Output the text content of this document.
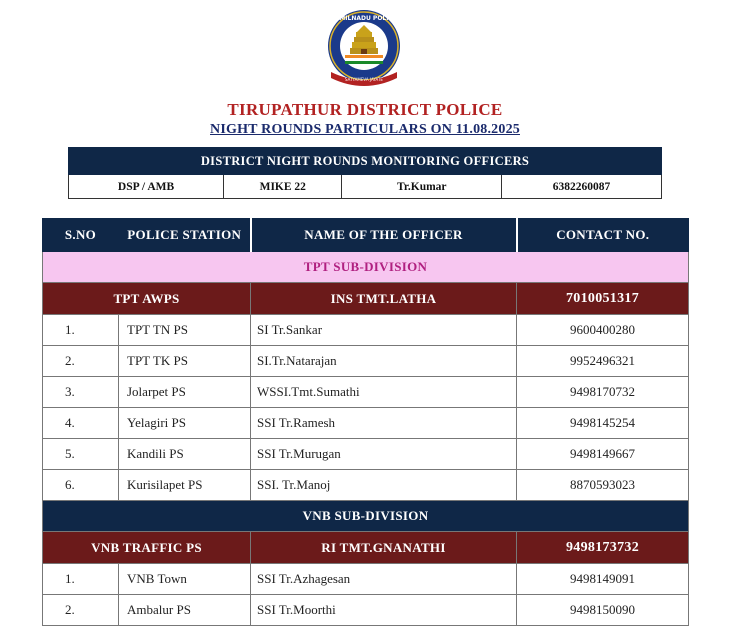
TAMILNADU POLICE
SATYAMEVA JAYATE
TIRUPATHUR DISTRICT POLICE
NIGHT ROUNDS PARTICULARS ON 11.08.2025
DISTRICT NIGHT ROUNDS MONITORING OFFICERS
DSP / AMB	MIKE 22	Tr.Kumar	6382260087
S.NO	POLICE STATION	NAME OF THE OFFICER	CONTACT NO.
TPT SUB-DIVISION			
TPT AWPS		INS TMT.LATHA	7010051317
1.	TPT TN PS	SI Tr.Sankar	9600400280
2.	TPT TK PS	SI.Tr.Natarajan	9952496321
3.	Jolarpet PS	WSSI.Tmt.Sumathi	9498170732
4.	Yelagiri PS	SSI Tr.Ramesh	9498145254
5.	Kandili PS	SSI Tr.Murugan	9498149667
6.	Kurisilapet PS	SSI. Tr.Manoj	8870593023
VNB SUB-DIVISION			
VNB TRAFFIC PS		RI TMT.GNANATHI	9498173732
1.	VNB Town	SSI Tr.Azhagesan	9498149091
2.	Ambalur PS	SSI Tr.Moorthi	9498150090
